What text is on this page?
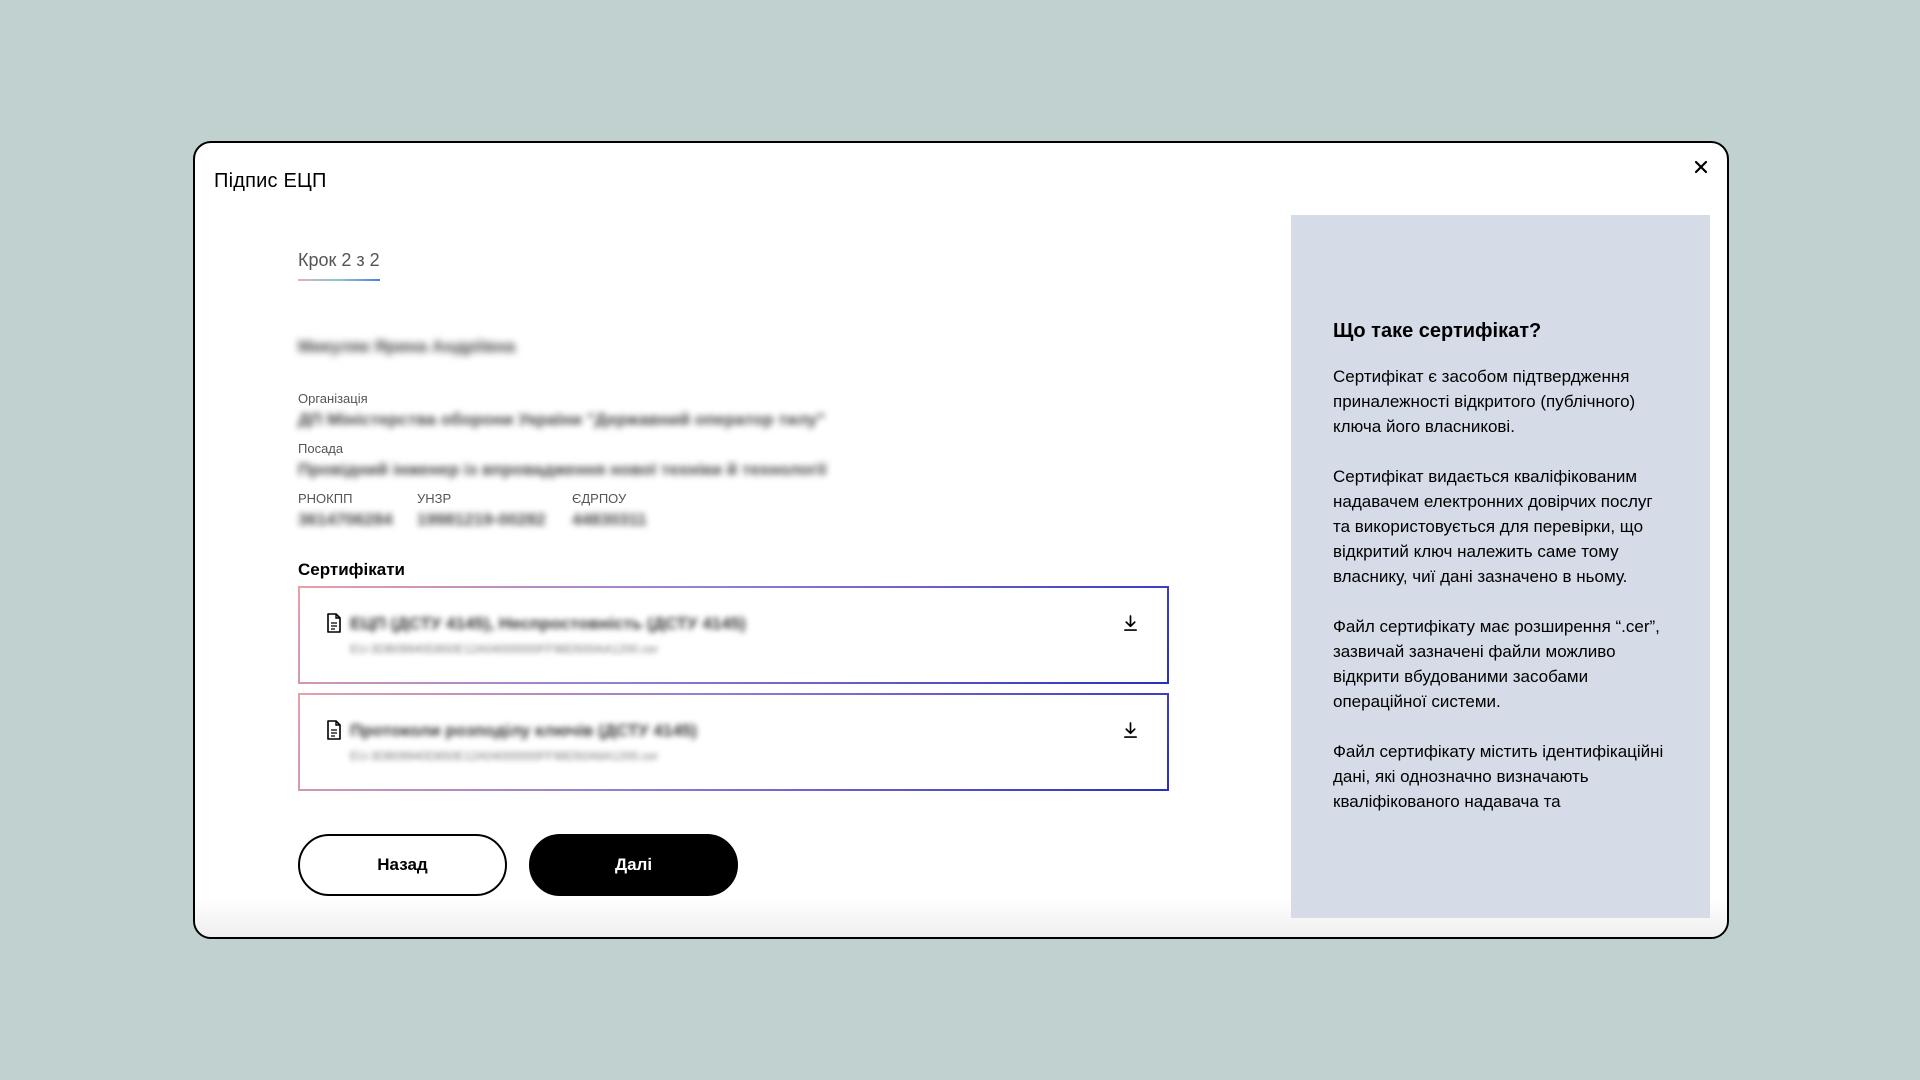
Підпис ЕЦП
Крок 2 з 2
Микуляк Ярина Андріївна
Організація
ДП Міністерства оборони України "Державний оператор тилу"
Посада
Провідний інженер із впровадження нової техніки й технології
РНОКПП
3614706284
УНЗР
19981219-00282
ЄДРПОУ
44830311
Сертифікати
ЕЦП (ДСТУ 4145), Неспростовність (ДСТУ 4145)
EU-3DB09940D850E12A04000000FF98D500AA1200.cer
Протоколи розподілу ключів (ДСТУ 4145)
EU-3DB09940D850E12A04000000FF98D50A6A1200.cer
Назад	Далі
Що таке сертифікат?

Сертифікат є засобом підтвердження приналежності відкритого (публічного) ключа його власникові.

Сертифікат видається кваліфікованим надавачем електронних довірчих послуг та використовується для перевірки, що відкритий ключ належить саме тому власнику, чиї дані зазначено в ньому.

Файл сертифікату має розширення “.cer”, зазвичай зазначені файли можливо відкрити вбудованими засобами операційної системи.

Файл сертифікату містить ідентифікаційні дані, які однозначно визначають кваліфікованого надавача та
